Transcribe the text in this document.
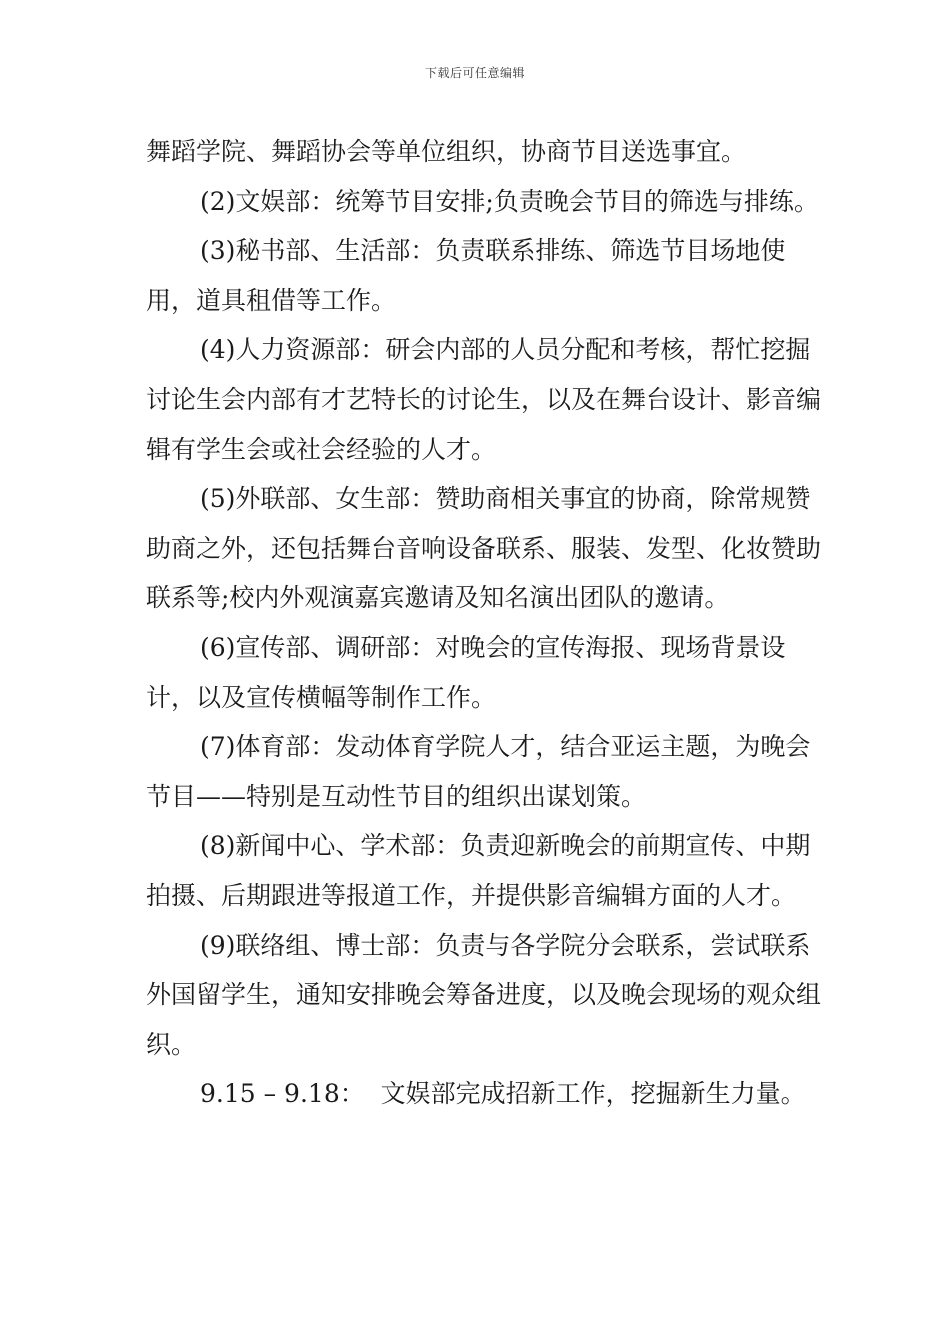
下载后可任意编辑

舞蹈学院、舞蹈协会等单位组织，协商节目送选事宜。

(2)文娱部：统筹节目安排;负责晚会节目的筛选与排练。

(3)秘书部、生活部：负责联系排练、筛选节目场地使用，道具租借等工作。

(4)人力资源部：研会内部的人员分配和考核，帮忙挖掘讨论生会内部有才艺特长的讨论生，以及在舞台设计、影音编辑有学生会或社会经验的人才。

(5)外联部、女生部：赞助商相关事宜的协商，除常规赞助商之外，还包括舞台音响设备联系、服装、发型、化妆赞助联系等;校内外观演嘉宾邀请及知名演出团队的邀请。

(6)宣传部、调研部：对晚会的宣传海报、现场背景设计，以及宣传横幅等制作工作。

(7)体育部：发动体育学院人才，结合亚运主题，为晚会节目——特别是互动性节目的组织出谋划策。

(8)新闻中心、学术部：负责迎新晚会的前期宣传、中期拍摄、后期跟进等报道工作，并提供影音编辑方面的人才。

(9)联络组、博士部：负责与各学院分会联系，尝试联系外国留学生，通知安排晚会筹备进度，以及晚会现场的观众组织。

9.15 – 9.18： 文娱部完成招新工作，挖掘新生力量。
